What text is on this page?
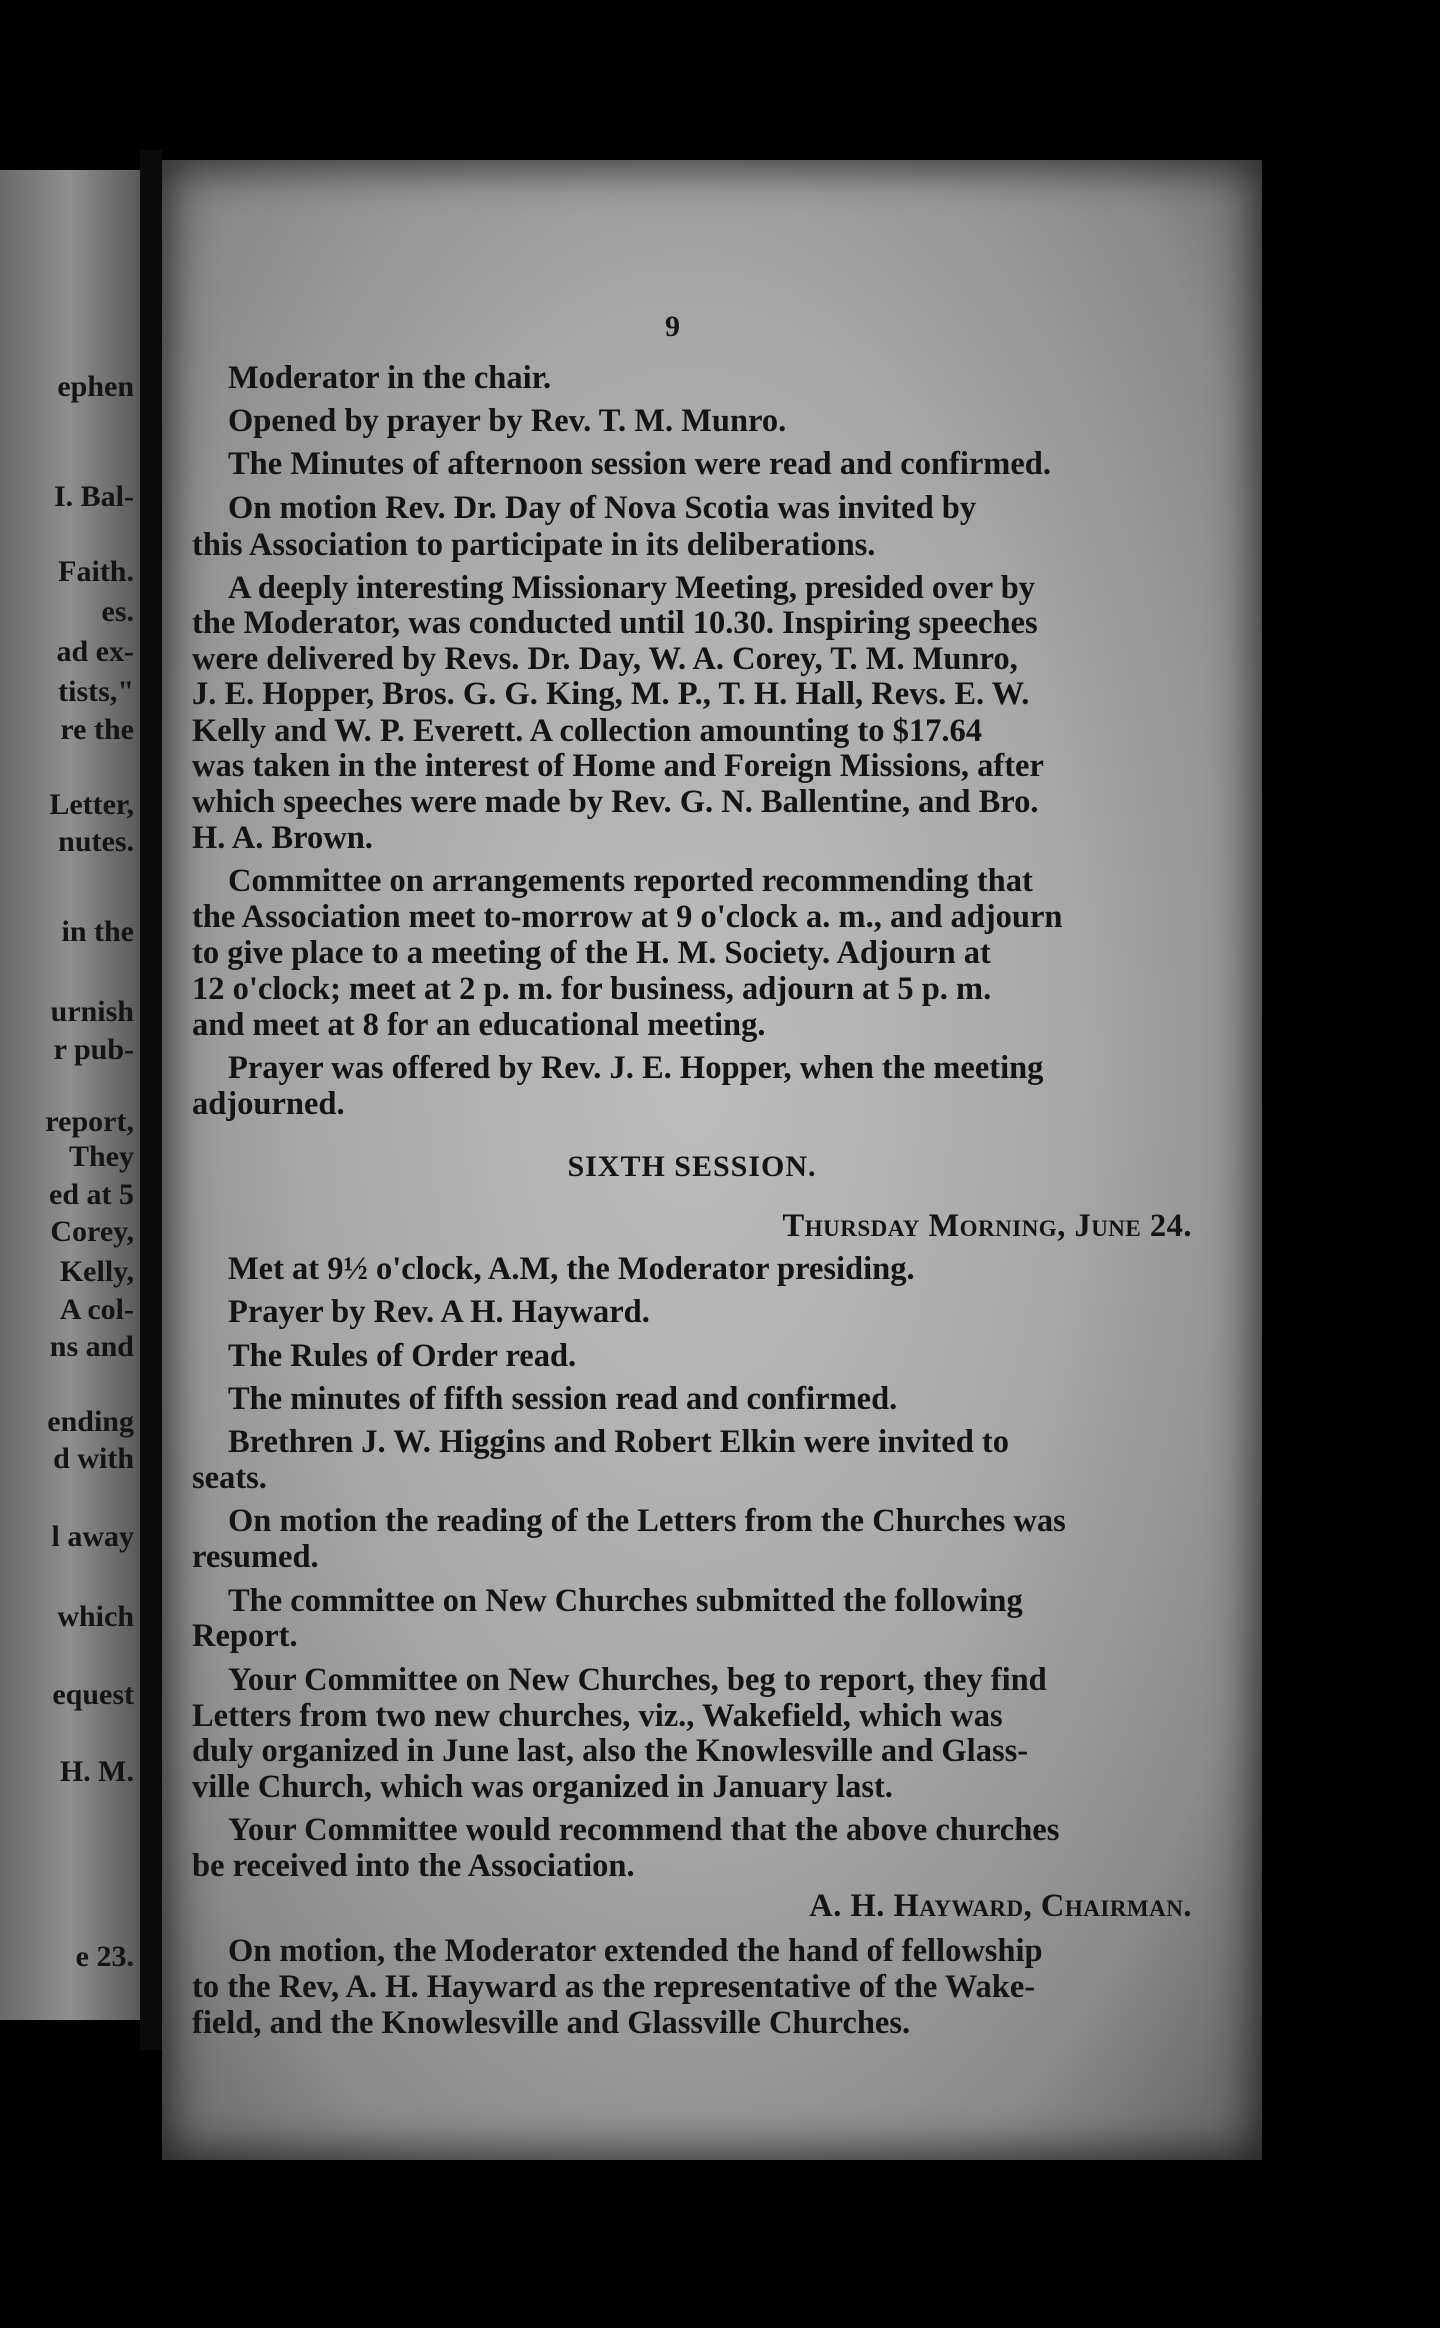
ephen

I. Bal-

Faith.

es.

ad ex-

tists,"

re the

Letter,

nutes.

in the

urnish

r pub-

report,

They

ed at 5

Corey,

Kelly,

A col-

ns and

ending

d with

l away

which

equest

H. M.

e 23.

9

Moderator in the chair.

Opened by prayer by Rev. T. M. Munro.

The Minutes of afternoon session were read and confirmed.

On motion Rev. Dr. Day of Nova Scotia was invited by

this Association to participate in its deliberations.

A deeply interesting Missionary Meeting, presided over by

the Moderator, was conducted until 10.30. Inspiring speeches

were delivered by Revs. Dr. Day, W. A. Corey, T. M. Munro,

J. E. Hopper, Bros. G. G. King, M. P., T. H. Hall, Revs. E. W.

Kelly and W. P. Everett. A collection amounting to $17.64

was taken in the interest of Home and Foreign Missions, after

which speeches were made by Rev. G. N. Ballentine, and Bro.

H. A. Brown.

Committee on arrangements reported recommending that

the Association meet to-morrow at 9 o'clock a. m., and adjourn

to give place to a meeting of the H. M. Society. Adjourn at

12 o'clock; meet at 2 p. m. for business, adjourn at 5 p. m.

and meet at 8 for an educational meeting.

Prayer was offered by Rev. J. E. Hopper, when the meeting

adjourned.

SIXTH SESSION.

Thursday Morning, June 24.

Met at 9½ o'clock, A.M, the Moderator presiding.

Prayer by Rev. A H. Hayward.

The Rules of Order read.

The minutes of fifth session read and confirmed.

Brethren J. W. Higgins and Robert Elkin were invited to

seats.

On motion the reading of the Letters from the Churches was

resumed.

The committee on New Churches submitted the following

Report.

Your Committee on New Churches, beg to report, they find

Letters from two new churches, viz., Wakefield, which was

duly organized in June last, also the Knowlesville and Glass-

ville Church, which was organized in January last.

Your Committee would recommend that the above churches

be received into the Association.

A. H. Hayward, Chairman.

On motion, the Moderator extended the hand of fellowship

to the Rev, A. H. Hayward as the representative of the Wake-

field, and the Knowlesville and Glassville Churches.
